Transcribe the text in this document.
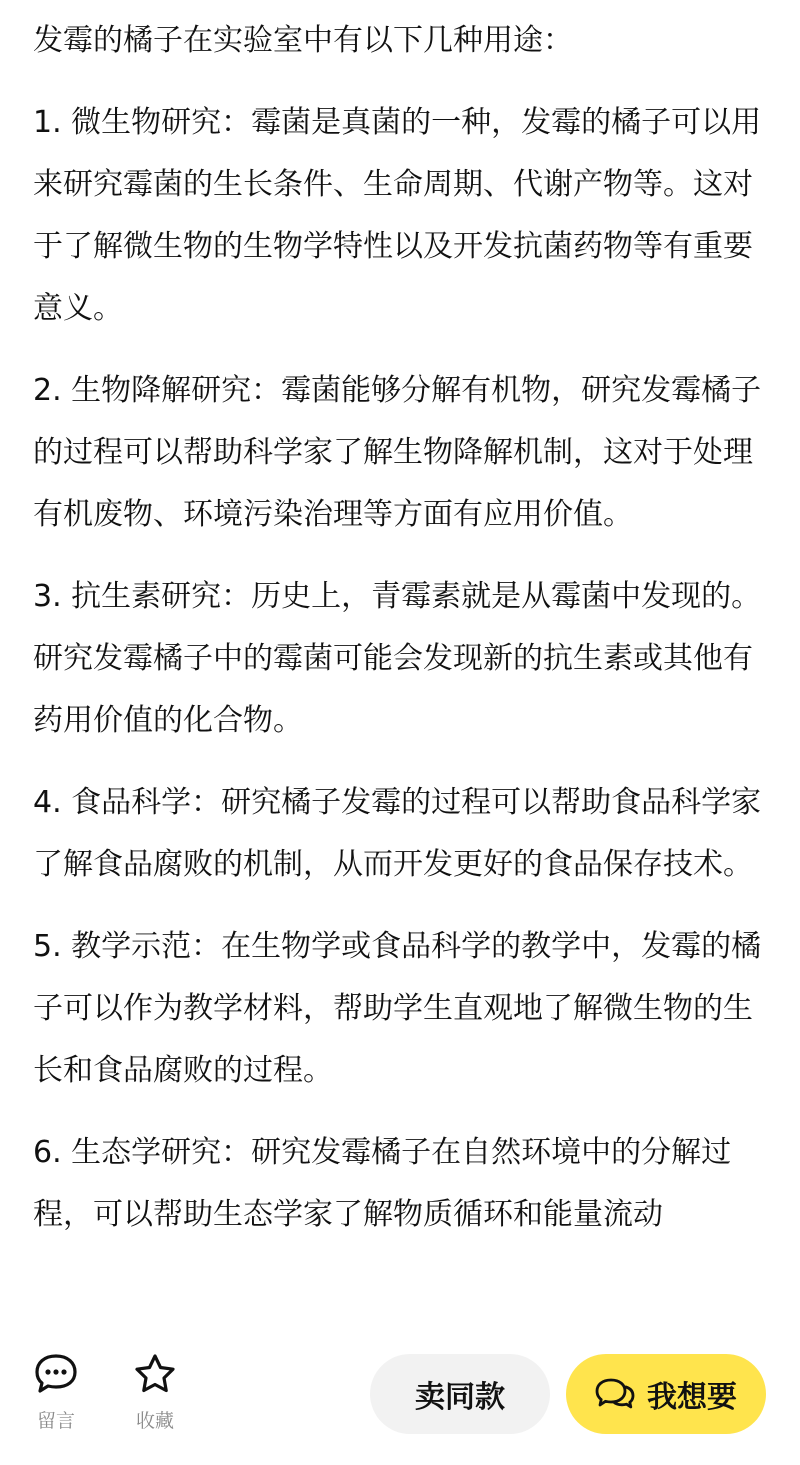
发霉的橘子在实验室中有以下几种用途：

1. 微生物研究：霉菌是真菌的一种，发霉的橘子可以用来研究霉菌的生长条件、生命周期、代谢产物等。这对于了解微生物的生物学特性以及开发抗菌药物等有重要意义。

2. 生物降解研究：霉菌能够分解有机物，研究发霉橘子的过程可以帮助科学家了解生物降解机制，这对于处理有机废物、环境污染治理等方面有应用价值。

3. 抗生素研究：历史上，青霉素就是从霉菌中发现的。研究发霉橘子中的霉菌可能会发现新的抗生素或其他有药用价值的化合物。

4. 食品科学：研究橘子发霉的过程可以帮助食品科学家了解食品腐败的机制，从而开发更好的食品保存技术。

5. 教学示范：在生物学或食品科学的教学中，发霉的橘子可以作为教学材料，帮助学生直观地了解微生物的生长和食品腐败的过程。

6. 生态学研究：研究发霉橘子在自然环境中的分解过程，可以帮助生态学家了解物质循环和能量流动

留言	收藏
卖同款	我想要
